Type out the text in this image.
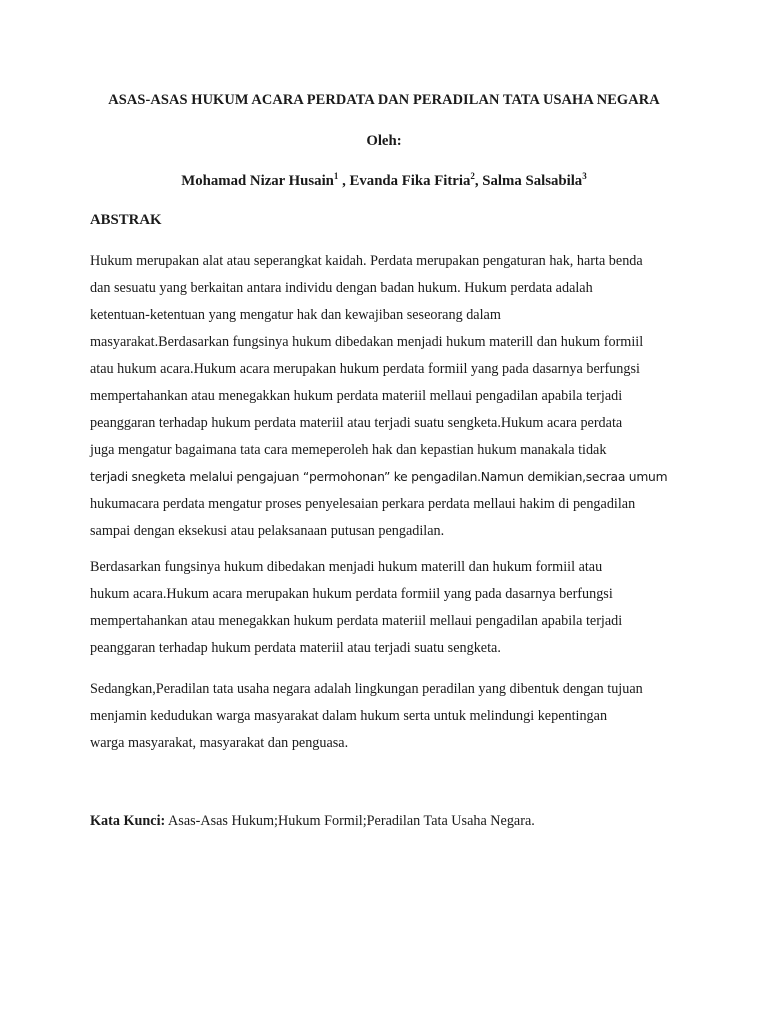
ASAS-ASAS HUKUM ACARA PERDATA DAN PERADILAN TATA USAHA NEGARA
Oleh:
Mohamad Nizar Husain$^1$ , Evanda Fika Fitria$^2$, Salma Salsabila$^3$
ABSTRAK
Hukum merupakan alat atau seperangkat kaidah. Perdata merupakan pengaturan hak, harta benda
dan sesuatu yang berkaitan antara individu dengan badan hukum. Hukum perdata adalah
ketentuan-ketentuan yang mengatur hak dan kewajiban seseorang dalam
masyarakat.Berdasarkan fungsinya hukum dibedakan menjadi hukum materill dan hukum formiil
atau hukum acara.Hukum acara merupakan hukum perdata formiil yang pada dasarnya berfungsi
mempertahankan atau menegakkan hukum perdata materiil mellaui pengadilan apabila terjadi
peanggaran terhadap hukum perdata materiil atau terjadi suatu sengketa.Hukum acara perdata
juga mengatur bagaimana tata cara memeperoleh hak dan kepastian hukum manakala tidak
terjadi snegketa melalui pengajuan “permohonan” ke pengadilan.Namun demikian,secraa umum
hukumacara perdata mengatur proses penyelesaian perkara perdata mellaui hakim di pengadilan
sampai dengan eksekusi atau pelaksanaan putusan pengadilan.
Berdasarkan fungsinya hukum dibedakan menjadi hukum materill dan hukum formiil atau
hukum acara.Hukum acara merupakan hukum perdata formiil yang pada dasarnya berfungsi
mempertahankan atau menegakkan hukum perdata materiil mellaui pengadilan apabila terjadi
peanggaran terhadap hukum perdata materiil atau terjadi suatu sengketa.
Sedangkan,Peradilan tata usaha negara adalah lingkungan peradilan yang dibentuk dengan tujuan
menjamin kedudukan warga masyarakat dalam hukum serta untuk melindungi kepentingan
warga masyarakat, masyarakat dan penguasa.
Kata Kunci: Asas-Asas Hukum;Hukum Formil;Peradilan Tata Usaha Negara.
